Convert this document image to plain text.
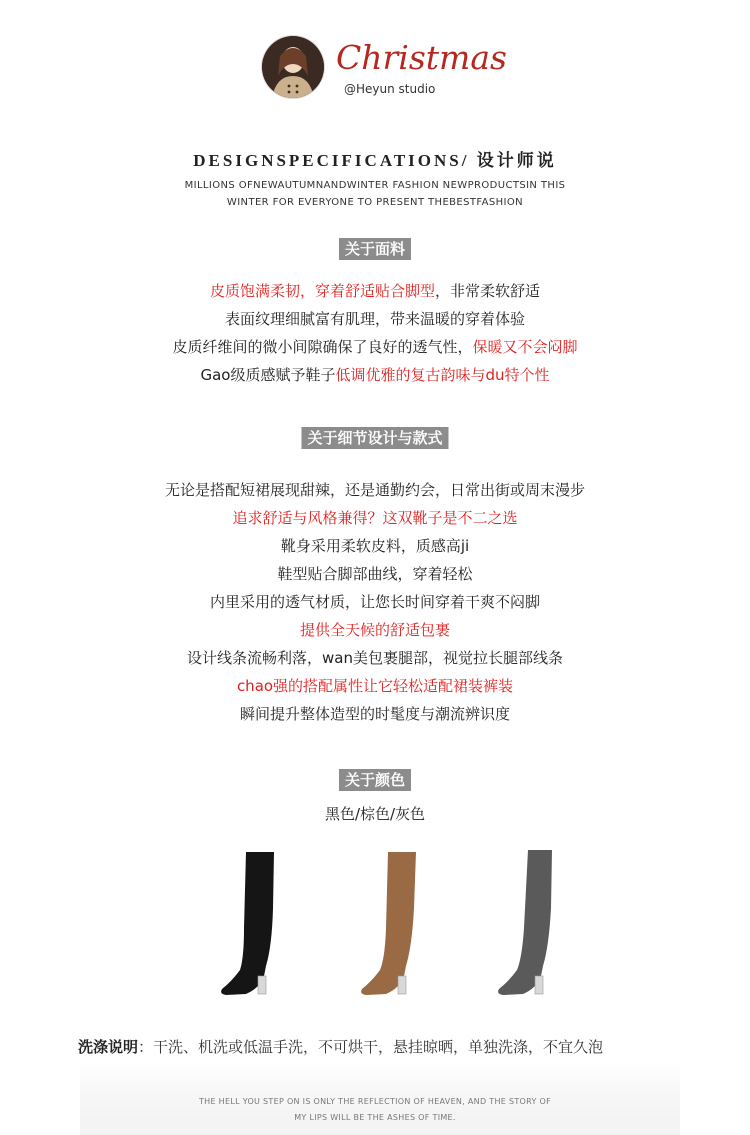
Christmas
@Heyun studio
DESIGNSPECIFICATIONS/ 设计师说
MILLIONS OFNEWAUTUMNANDWINTER FASHION NEWPRODUCTSIN THIS
WINTER FOR EVERYONE TO PRESENT THEBESTFASHION
关于面料
皮质饱满柔韧，穿着舒适贴合脚型，非常柔软舒适
表面纹理细腻富有肌理，带来温暖的穿着体验
皮质纤维间的微小间隙确保了良好的透气性，保暖又不会闷脚
Gao级质感赋予鞋子低调优雅的复古韵味与du特个性
关于细节设计与款式
无论是搭配短裙展现甜辣，还是通勤约会，日常出街或周末漫步
追求舒适与风格兼得？这双靴子是不二之选
靴身采用柔软皮料，质感高ji
鞋型贴合脚部曲线，穿着轻松
内里采用的透气材质，让您长时间穿着干爽不闷脚
提供全天候的舒适包裹
设计线条流畅利落，wan美包裹腿部，视觉拉长腿部线条
chao强的搭配属性让它轻松适配裙装裤装
瞬间提升整体造型的时髦度与潮流辨识度
关于颜色
黑色/棕色/灰色
洗涤说明：干洗、机洗或低温手洗，不可烘干，悬挂晾晒，单独洗涤，不宜久泡
THE HELL YOU STEP ON IS ONLY THE REFLECTION OF HEAVEN, AND THE STORY OF
MY LIPS WILL BE THE ASHES OF TIME.
